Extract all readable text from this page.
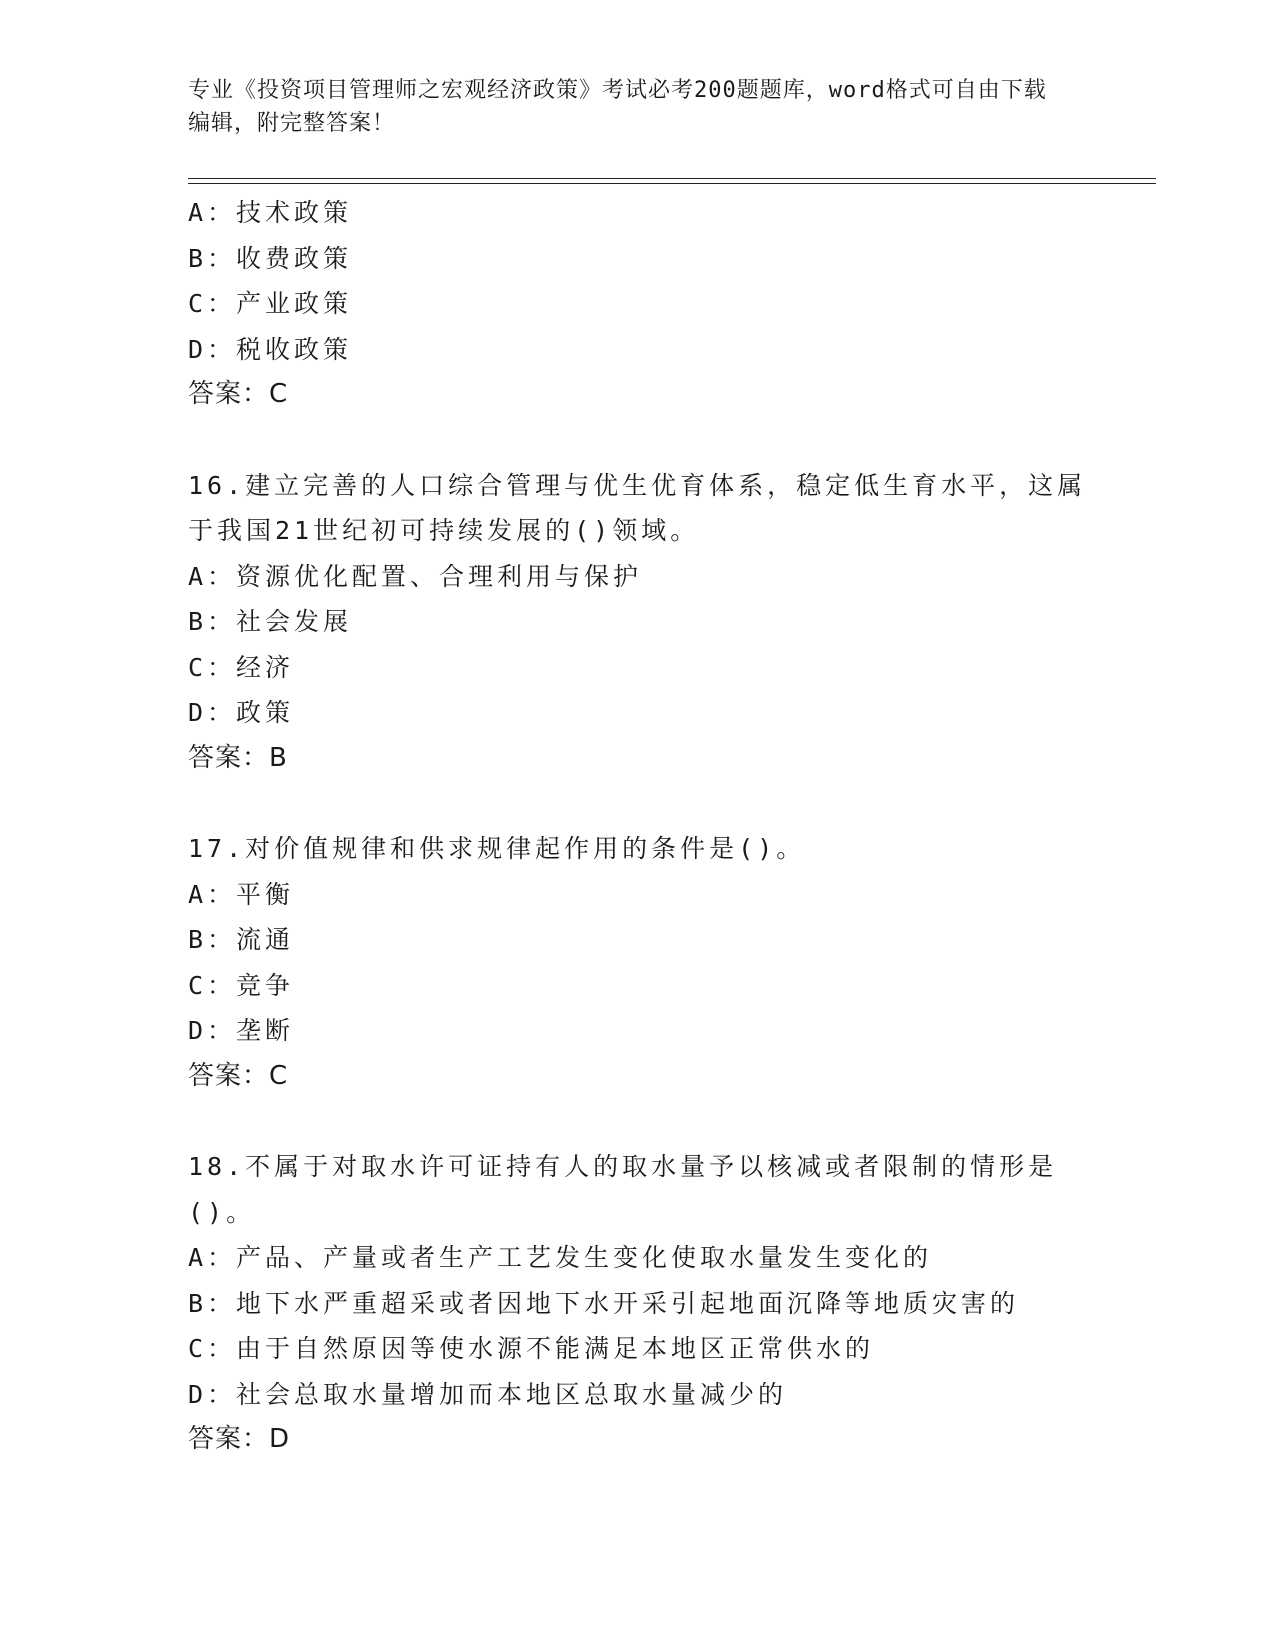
专业《投资项目管理师之宏观经济政策》考试必考200题题库，word格式可自由下载编辑，附完整答案！
A：技术政策
B：收费政策
C：产业政策
D：税收政策
答案：C
16.建立完善的人口综合管理与优生优育体系，稳定低生育水平，这属于我国21世纪初可持续发展的()领域。
A：资源优化配置、合理利用与保护
B：社会发展
C：经济
D：政策
答案：B
17.对价值规律和供求规律起作用的条件是()。
A：平衡
B：流通
C：竞争
D：垄断
答案：C
18.不属于对取水许可证持有人的取水量予以核减或者限制的情形是()。
A：产品、产量或者生产工艺发生变化使取水量发生变化的
B：地下水严重超采或者因地下水开采引起地面沉降等地质灾害的
C：由于自然原因等使水源不能满足本地区正常供水的
D：社会总取水量增加而本地区总取水量减少的
答案：D
